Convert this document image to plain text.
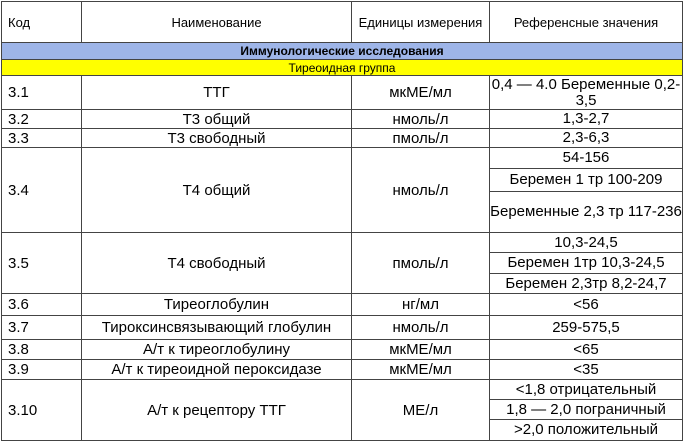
Код	Наименование	Единицы измерения	Референсные значения
Иммунологические исследования			
Тиреоидная группа			
3.1	ТТГ	мкМЕ/мл	0,4 — 4.0 Беременные 0,2-3,5
3.2	Т3 общий	нмоль/л	1,3-2,7
3.3	Т3 свободный	пмоль/л	2,3-6,3
3.4	Т4 общий	нмоль/л	54-156
			Беремен 1 тр 100-209
			Беременные 2,3 тр 117-236
3.5	Т4 свободный	пмоль/л	10,3-24,5
			Беремен 1тр 10,3-24,5
			Беремен 2,3тр 8,2-24,7
3.6	Тиреоглобулин	нг/мл	<56
3.7	Тироксинсвязывающий глобулин	нмоль/л	259-575,5
3.8	А/т к тиреоглобулину	мкМЕ/мл	<65
3.9	А/т к тиреоидной пероксидазе	мкМЕ/мл	<35
3.10	А/т к рецептору ТТГ	МЕ/л	<1,8 отрицательный
			1,8 — 2,0 пограничный
			>2,0 положительный
